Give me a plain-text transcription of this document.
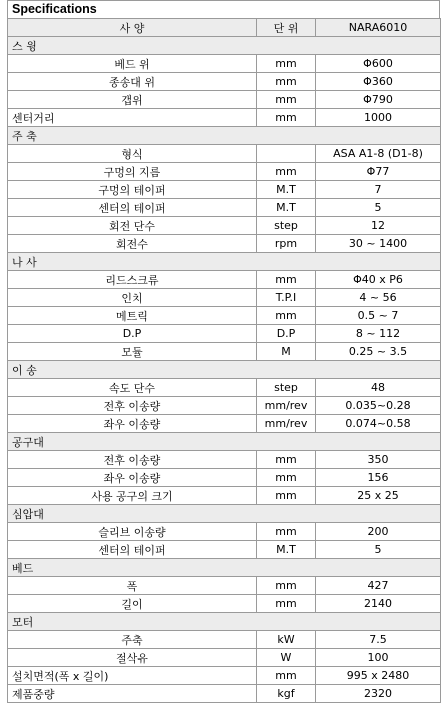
Specifications
사 양	단 위	NARA6010
스 윙		
베드 위	mm	Φ600
종송대 위	mm	Φ360
갭위	mm	Φ790
센터거리	mm	1000
주 축		
형식		ASA A1-8 (D1-8)
구멍의 지름	mm	Φ77
구멍의 테이퍼	M.T	7
센터의 테이퍼	M.T	5
회전 단수	step	12
회전수	rpm	30 ~ 1400
나 사		
리드스크류	mm	Φ40 x P6
인치	T.P.I	4 ~ 56
메트릭	mm	0.5 ~ 7
D.P	D.P	8 ~ 112
모듈	M	0.25 ~ 3.5
이 송		
속도 단수	step	48
전후 이송량	mm/rev	0.035~0.28
좌우 이송량	mm/rev	0.074~0.58
공구대		
전후 이송량	mm	350
좌우 이송량	mm	156
사용 공구의 크기	mm	25 x 25
심압대		
슬리브 이송량	mm	200
센터의 테이퍼	M.T	5
베드		
폭	mm	427
길이	mm	2140
모터		
주축	kW	7.5
절삭유	W	100
설치면적(폭 x 길이)	mm	995 x 2480
제품중량	kgf	2320
